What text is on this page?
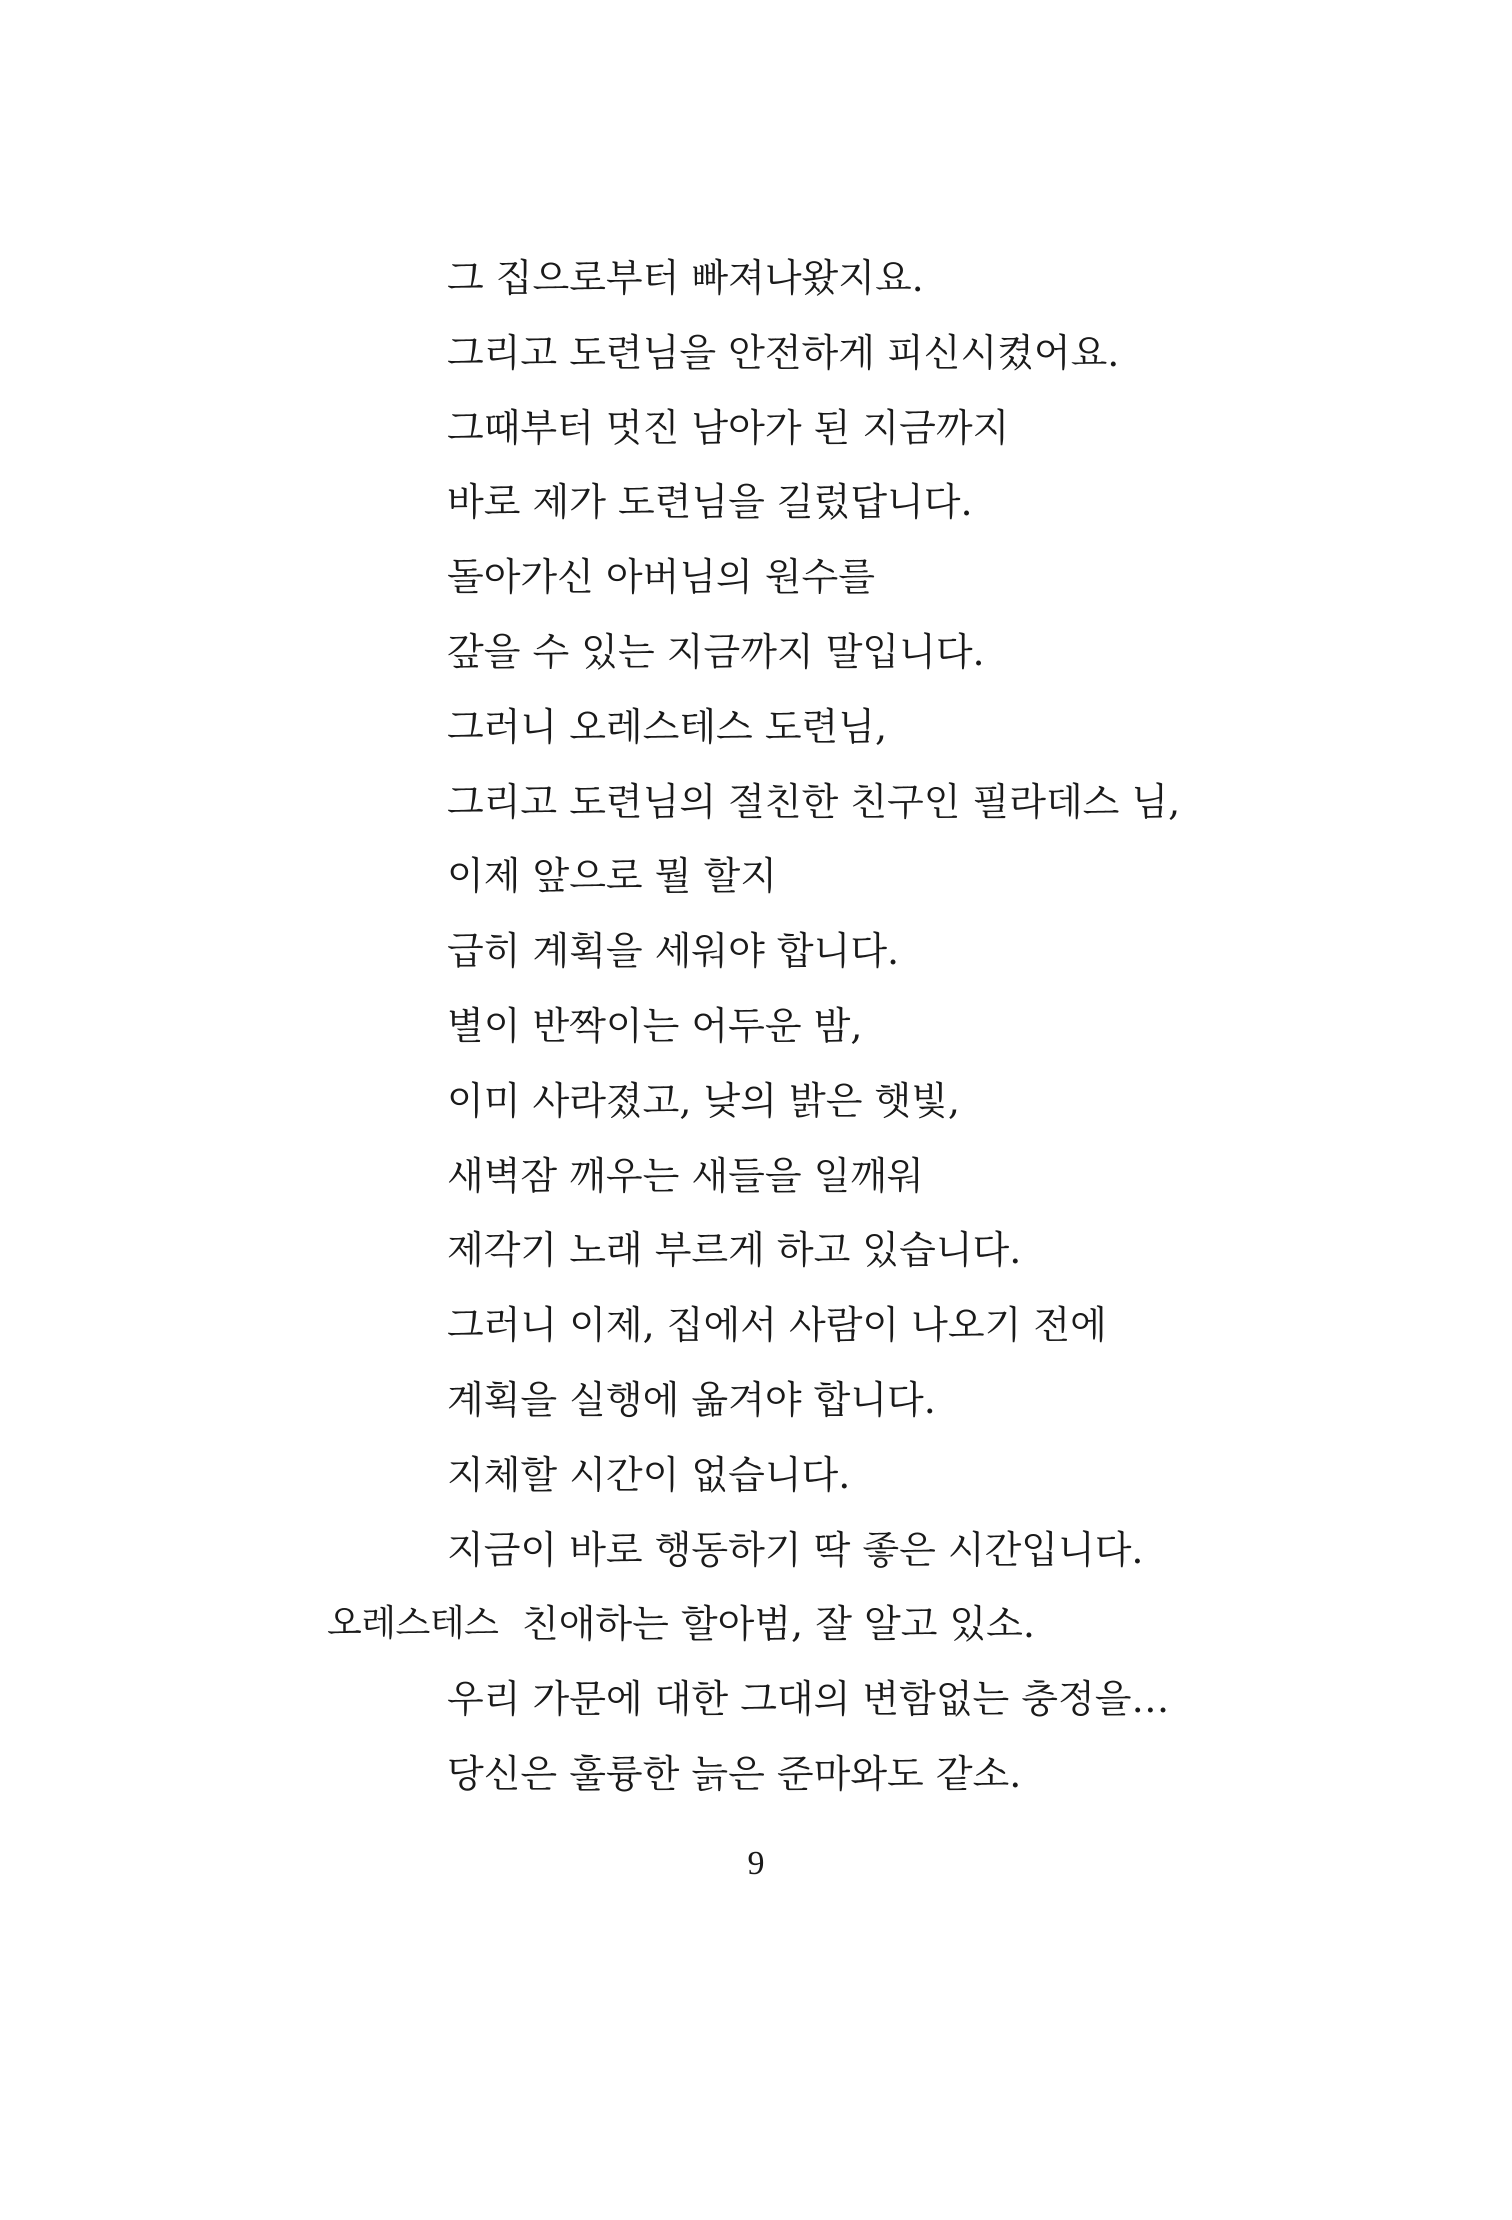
그 집으로부터 빠져나왔지요.
그리고 도련님을 안전하게 피신시켰어요.
그때부터 멋진 남아가 된 지금까지
바로 제가 도련님을 길렀답니다.
돌아가신 아버님의 원수를
갚을 수 있는 지금까지 말입니다.
그러니 오레스테스 도련님,
그리고 도련님의 절친한 친구인 필라데스 님,
이제 앞으로 뭘 할지
급히 계획을 세워야 합니다.
별이 반짝이는 어두운 밤,
이미 사라졌고, 낮의 밝은 햇빛,
새벽잠 깨우는 새들을 일깨워
제각기 노래 부르게 하고 있습니다.
그러니 이제, 집에서 사람이 나오기 전에
계획을 실행에 옮겨야 합니다.
지체할 시간이 없습니다.
지금이 바로 행동하기 딱 좋은 시간입니다.
오레스테스 친애하는 할아범, 잘 알고 있소.
우리 가문에 대한 그대의 변함없는 충정을…
당신은 훌륭한 늙은 준마와도 같소.
9
